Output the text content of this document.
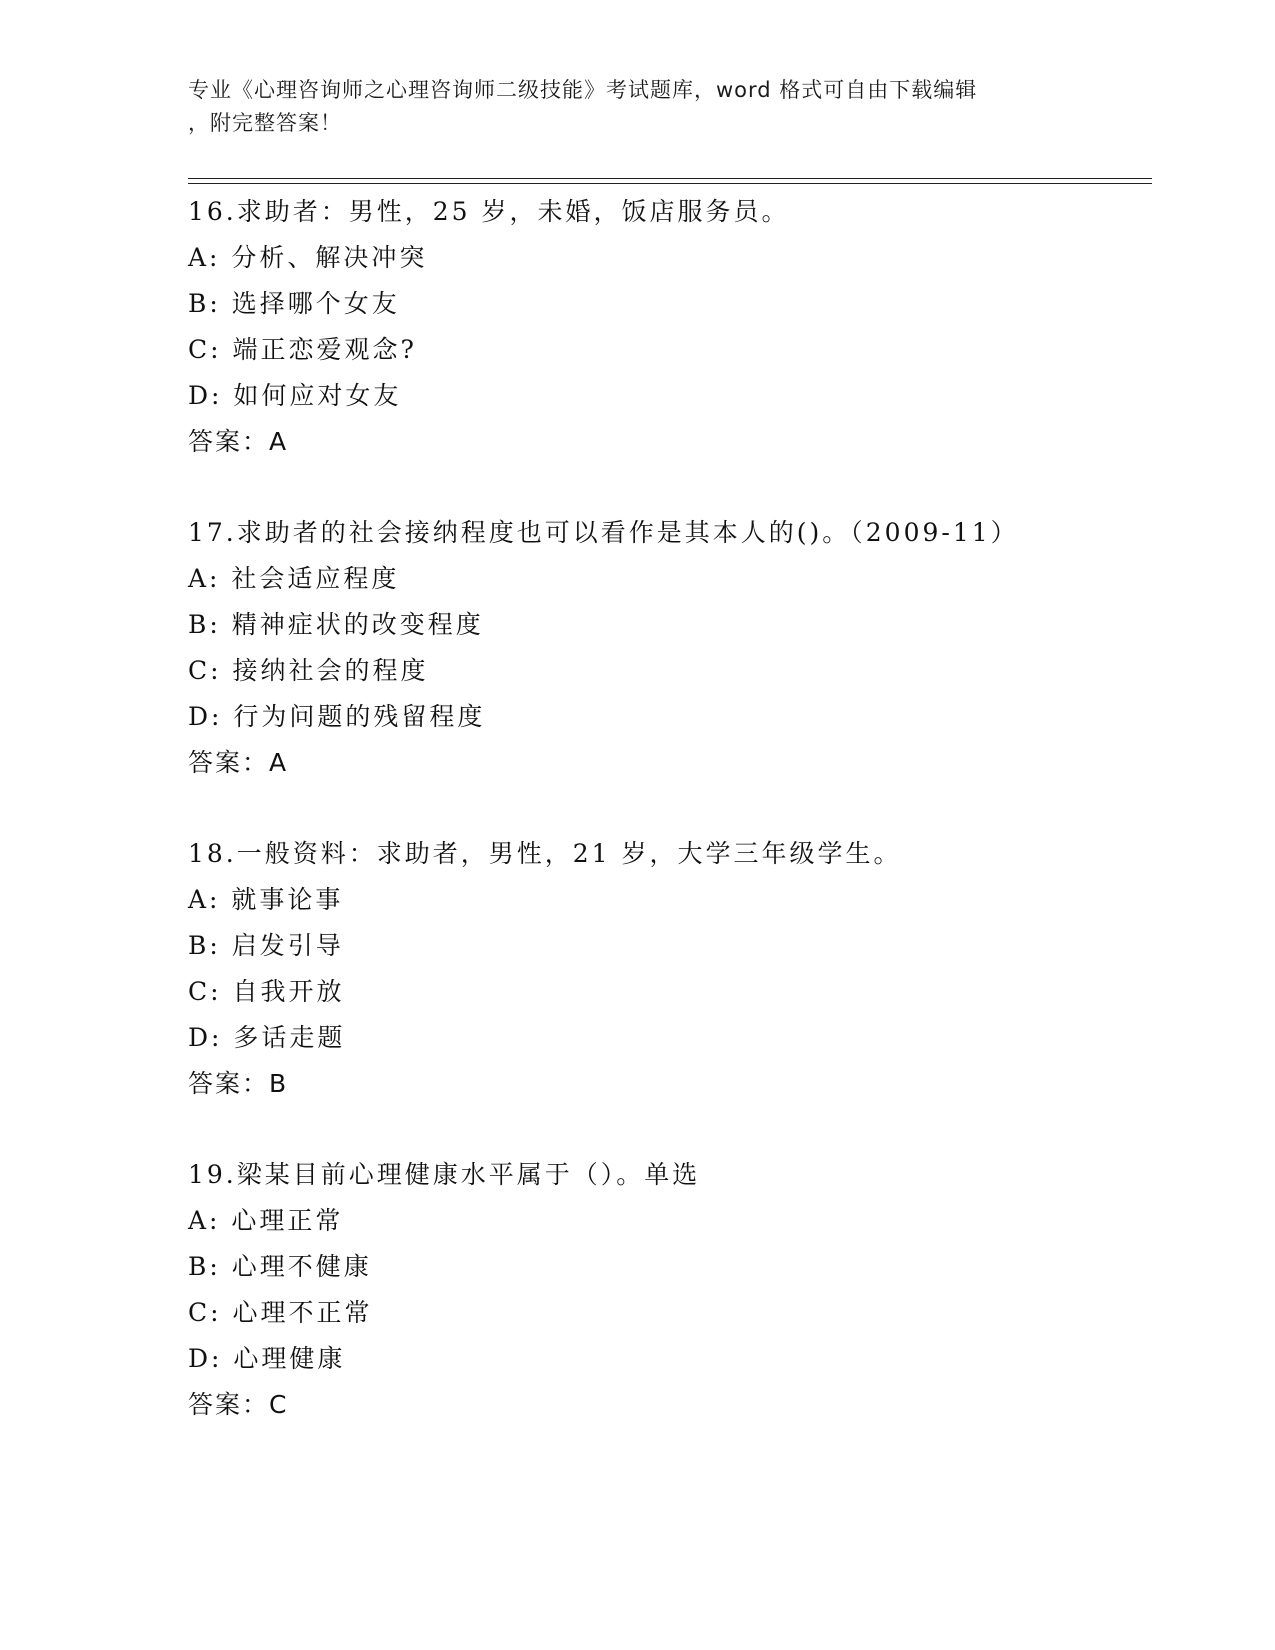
专业《心理咨询师之心理咨询师二级技能》考试题库，word 格式可自由下载编辑
，附完整答案！
16.求助者：男性，25 岁，未婚，饭店服务员。
A: 分析、解决冲突
B: 选择哪个女友
C: 端正恋爱观念?
D: 如何应对女友
答案：A
17.求助者的社会接纳程度也可以看作是其本人的()。（2009-11）
A: 社会适应程度
B: 精神症状的改变程度
C: 接纳社会的程度
D: 行为问题的残留程度
答案：A
18.一般资料：求助者，男性，21 岁，大学三年级学生。
A: 就事论事
B: 启发引导
C: 自我开放
D: 多话走题
答案：B
19.梁某目前心理健康水平属于（）。单选
A: 心理正常
B: 心理不健康
C: 心理不正常
D: 心理健康
答案：C
